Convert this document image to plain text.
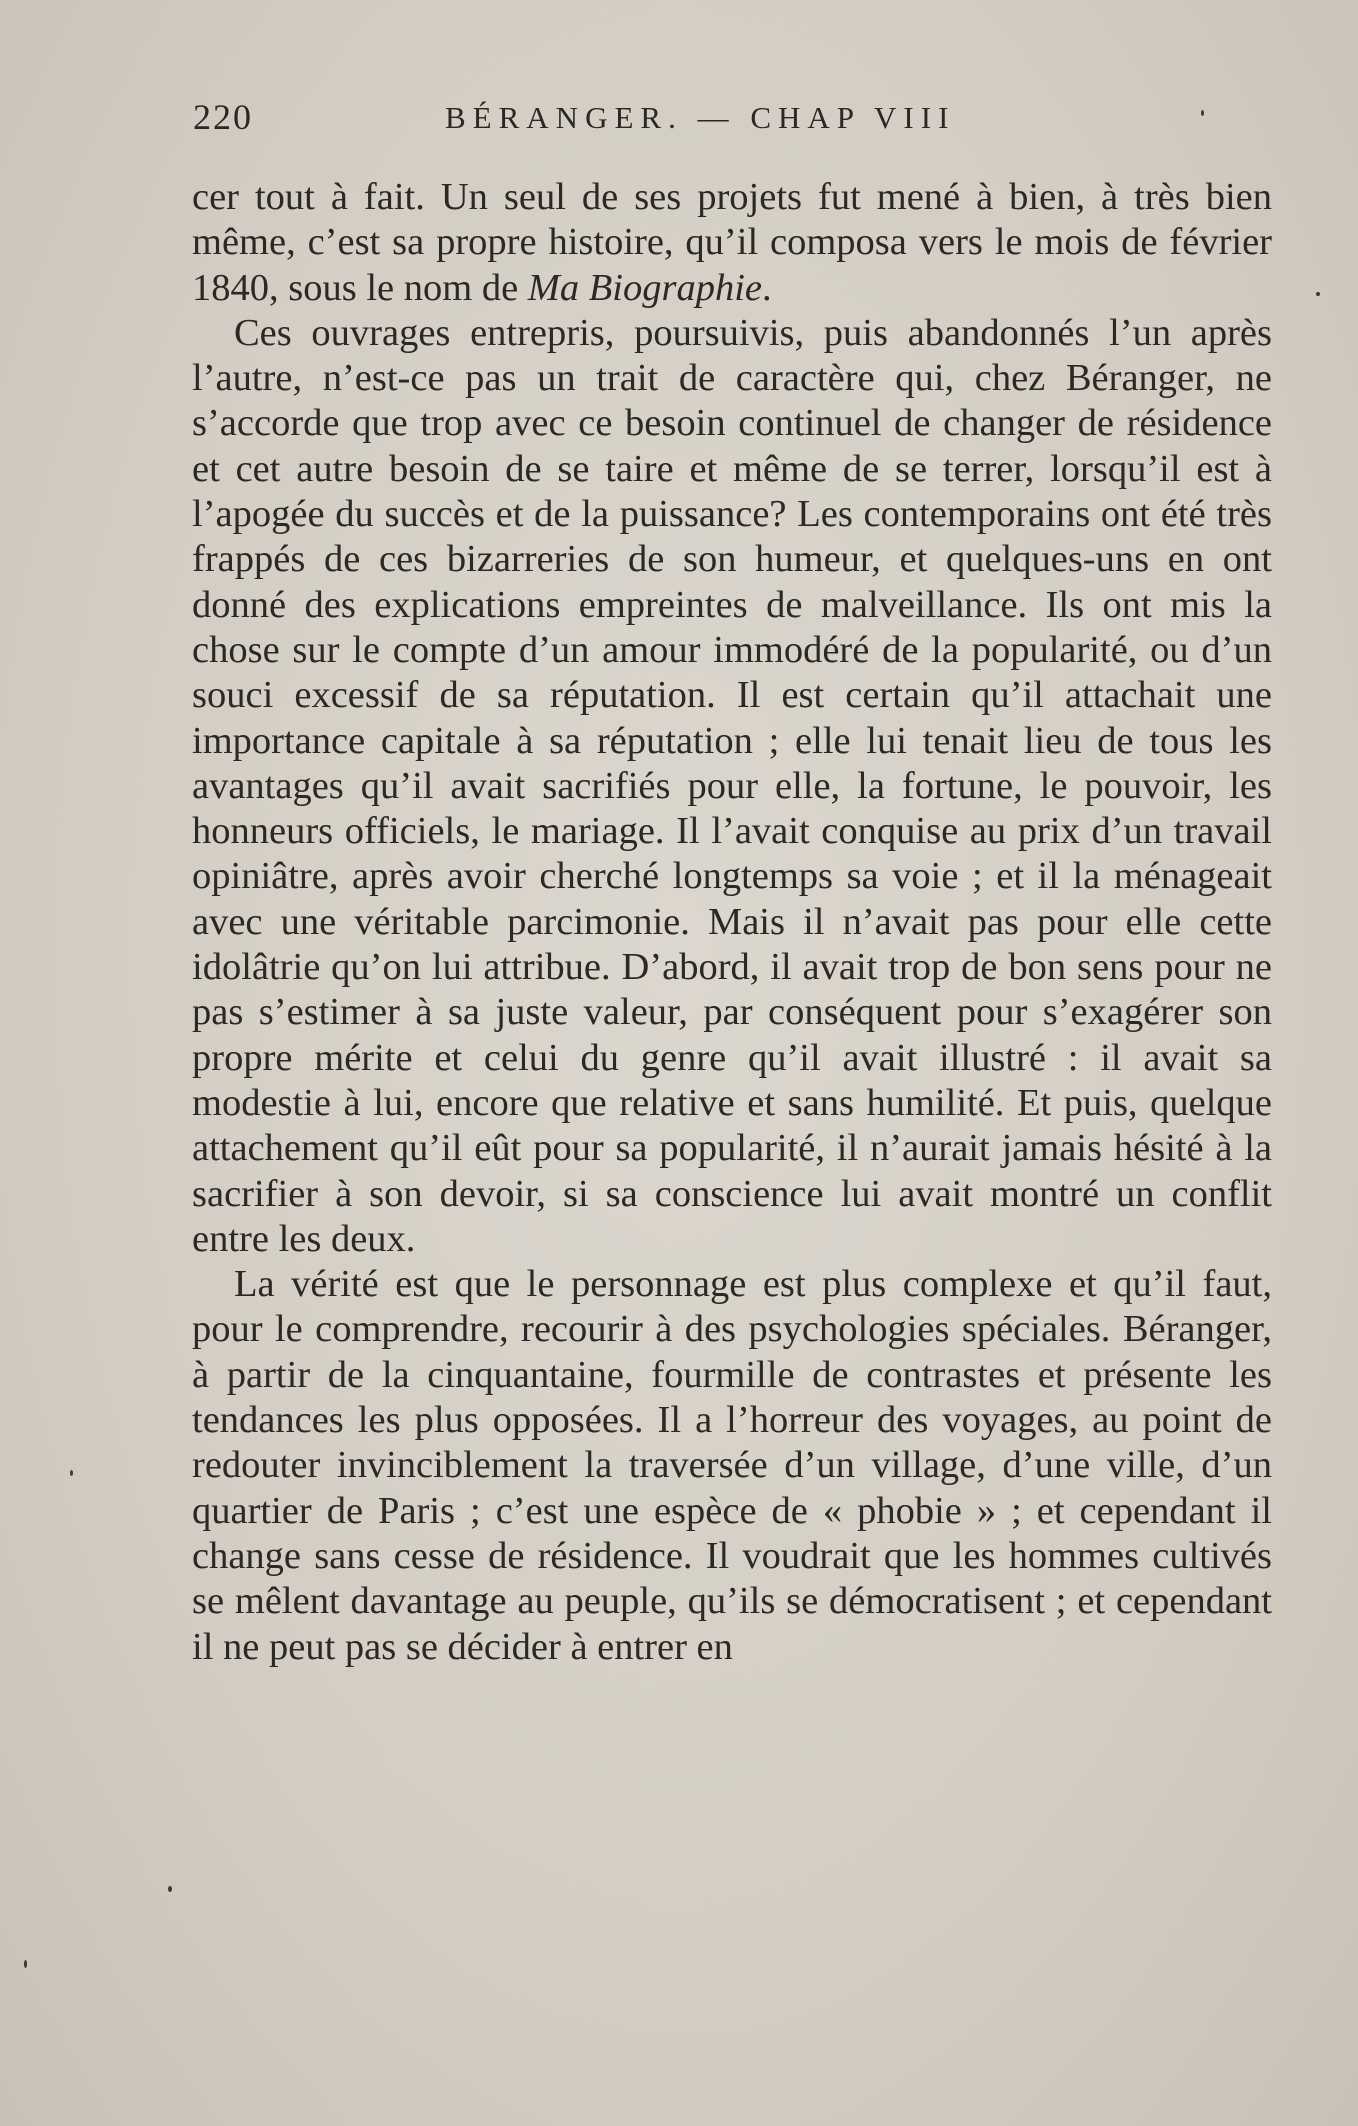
220	BÉRANGER. — CHAP VIII

cer tout à fait. Un seul de ses projets fut mené à bien, à très bien même, c’est sa propre histoire, qu’il composa vers le mois de février 1840, sous le nom de Ma Biographie.

Ces ouvrages entrepris, poursuivis, puis abandonnés l’un après l’autre, n’est-ce pas un trait de caractère qui, chez Béranger, ne s’accorde que trop avec ce besoin continuel de changer de résidence et cet autre besoin de se taire et même de se terrer, lorsqu’il est à l’apogée du succès et de la puissance? Les contemporains ont été très frappés de ces bizarreries de son humeur, et quelques-uns en ont donné des explications empreintes de malveillance. Ils ont mis la chose sur le compte d’un amour immodéré de la popularité, ou d’un souci excessif de sa réputation. Il est certain qu’il attachait une importance capitale à sa réputation ; elle lui tenait lieu de tous les avantages qu’il avait sacrifiés pour elle, la fortune, le pouvoir, les honneurs officiels, le mariage. Il l’avait conquise au prix d’un travail opiniâtre, après avoir cherché longtemps sa voie ; et il la ménageait avec une véritable parcimonie. Mais il n’avait pas pour elle cette idolâtrie qu’on lui attribue. D’abord, il avait trop de bon sens pour ne pas s’estimer à sa juste valeur, par conséquent pour s’exagérer son propre mérite et celui du genre qu’il avait illustré : il avait sa modestie à lui, encore que relative et sans humilité. Et puis, quelque attachement qu’il eût pour sa popularité, il n’aurait jamais hésité à la sacrifier à son devoir, si sa conscience lui avait montré un conflit entre les deux.

La vérité est que le personnage est plus complexe et qu’il faut, pour le comprendre, recourir à des psychologies spéciales. Béranger, à partir de la cinquantaine, fourmille de contrastes et présente les tendances les plus opposées. Il a l’horreur des voyages, au point de redouter invinciblement la traversée d’un village, d’une ville, d’un quartier de Paris ; c’est une espèce de « phobie » ; et cependant il change sans cesse de résidence. Il voudrait que les hommes cultivés se mêlent davantage au peuple, qu’ils se démocratisent ; et cependant il ne peut pas se décider à entrer en
